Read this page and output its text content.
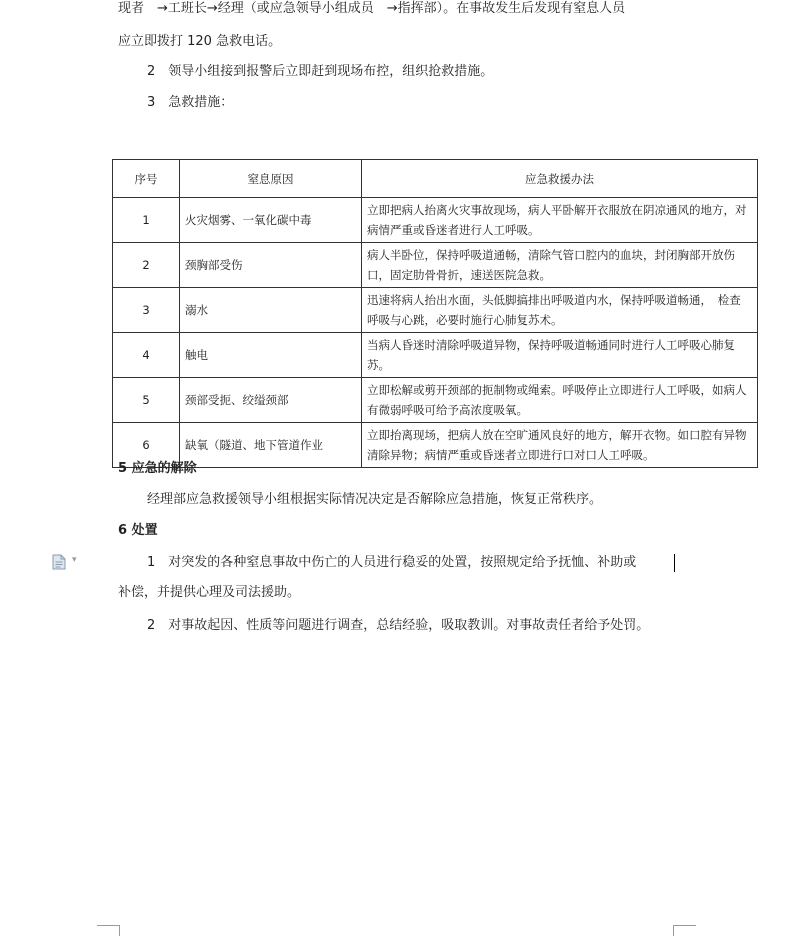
现者　→工班长→经理（或应急领导小组成员　→指挥部）。在事故发生后发现有窒息人员
应立即拨打 120 急救电话。
2　领导小组接到报警后立即赶到现场布控，组织抢救措施。
3　急救措施：
序号	窒息原因	应急救援办法
1	火灾烟雾、一氧化碳中毒	立即把病人抬离火灾事故现场，病人平卧解开衣服放在阴凉通风的地方，对病情严重或昏迷者进行人工呼吸。
2	颈胸部受伤	病人半卧位，保持呼吸道通畅，清除气管口腔内的血块，封闭胸部开放伤口，固定肋骨骨折，速送医院急救。
3	溺水	迅速将病人抬出水面，头低脚搞排出呼吸道内水，保持呼吸道畅通，　检查呼吸与心跳，必要时施行心肺复苏术。
4	触电	当病人昏迷时清除呼吸道异物，保持呼吸道畅通同时进行人工呼吸心肺复苏。
5	颈部受扼、绞缢颈部	立即松解或剪开颈部的扼制物或绳索。呼吸停止立即进行人工呼吸，如病人有微弱呼吸可给予高浓度吸氧。
6	缺氧（隧道、地下管道作业	立即抬离现场，把病人放在空旷通风良好的地方，解开衣物。如口腔有异物清除异物；病情严重或昏迷者立即进行口对口人工呼吸。
5 应急的解除
经理部应急救援领导小组根据实际情况决定是否解除应急措施，恢复正常秩序。
6 处置
▾	1　对突发的各种窒息事故中伤亡的人员进行稳妥的处置，按照规定给予抚恤、补助或
补偿，并提供心理及司法援助。
2　对事故起因、性质等问题进行调查，总结经验，吸取教训。对事故责任者给予处罚。
